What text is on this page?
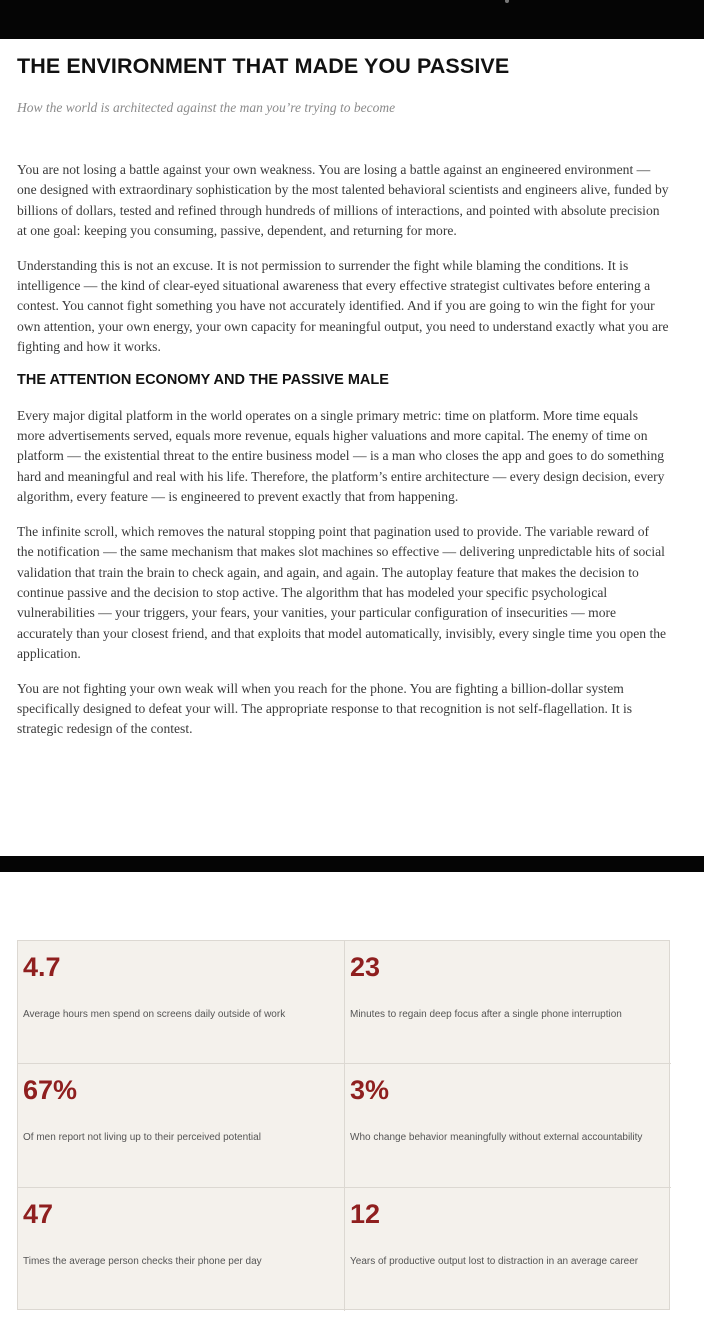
THE ENVIRONMENT THAT MADE YOU PASSIVE

How the world is architected against the man you’re trying to become

You are not losing a battle against your own weakness. You are losing a battle against an engineered environment — one designed with extraordinary sophistication by the most talented behavioral scientists and engineers alive, funded by billions of dollars, tested and refined through hundreds of millions of interactions, and pointed with absolute precision at one goal: keeping you consuming, passive, dependent, and returning for more.

Understanding this is not an excuse. It is not permission to surrender the fight while blaming the conditions. It is intelligence — the kind of clear-eyed situational awareness that every effective strategist cultivates before entering a contest. You cannot fight something you have not accurately identified. And if you are going to win the fight for your own attention, your own energy, your own capacity for meaningful output, you need to understand exactly what you are fighting and how it works.

THE ATTENTION ECONOMY AND THE PASSIVE MALE

Every major digital platform in the world operates on a single primary metric: time on platform. More time equals more advertisements served, equals more revenue, equals higher valuations and more capital. The enemy of time on platform — the existential threat to the entire business model — is a man who closes the app and goes to do something hard and meaningful and real with his life. Therefore, the platform’s entire architecture — every design decision, every algorithm, every feature — is engineered to prevent exactly that from happening.

The infinite scroll, which removes the natural stopping point that pagination used to provide. The variable reward of the notification — the same mechanism that makes slot machines so effective — delivering unpredictable hits of social validation that train the brain to check again, and again, and again. The autoplay feature that makes the decision to continue passive and the decision to stop active. The algorithm that has modeled your specific psychological vulnerabilities — your triggers, your fears, your vanities, your particular configuration of insecurities — more accurately than your closest friend, and that exploits that model automatically, invisibly, every single time you open the application.

You are not fighting your own weak will when you reach for the phone. You are fighting a billion-dollar system specifically designed to defeat your will. The appropriate response to that recognition is not self-flagellation. It is strategic redesign of the contest.

4.7
Average hours men spend on screens daily outside of work
23
Minutes to regain deep focus after a single phone interruption
67%
Of men report not living up to their perceived potential
3%
Who change behavior meaningfully without external accountability
47
Times the average person checks their phone per day
12
Years of productive output lost to distraction in an average career
